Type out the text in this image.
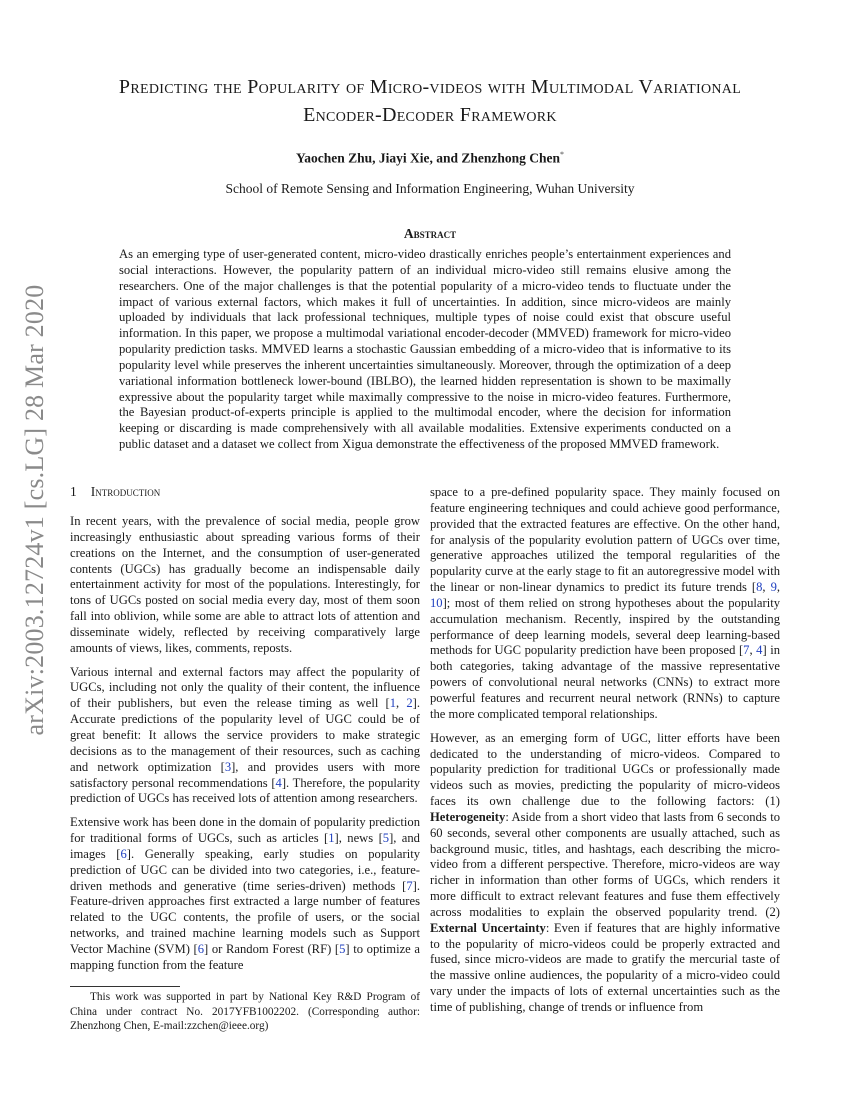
arXiv:2003.12724v1 [cs.LG] 28 Mar 2020
Predicting the Popularity of Micro-videos with Multimodal Variational
Encoder-Decoder Framework
Yaochen Zhu, Jiayi Xie, and Zhenzhong Chen*
School of Remote Sensing and Information Engineering, Wuhan University
Abstract
As an emerging type of user-generated content, micro-video drastically enriches people’s entertainment experiences and social interactions. However, the popularity pattern of an individual micro-video still remains elusive among the researchers. One of the major challenges is that the potential popularity of a micro-video tends to fluctuate under the impact of various external factors, which makes it full of uncertainties. In addition, since micro-videos are mainly uploaded by individuals that lack professional techniques, multiple types of noise could exist that obscure useful information. In this paper, we propose a multimodal variational encoder-decoder (MMVED) framework for micro-video popularity prediction tasks. MMVED learns a stochastic Gaussian embedding of a micro-video that is informative to its popularity level while preserves the inherent uncertainties simultaneously. Moreover, through the optimization of a deep variational information bottleneck lower-bound (IBLBO), the learned hidden representation is shown to be maximally expressive about the popularity target while maximally compressive to the noise in micro-video features. Furthermore, the Bayesian product-of-experts principle is applied to the multimodal encoder, where the decision for information keeping or discarding is made comprehensively with all available modalities. Extensive experiments conducted on a public dataset and a dataset we collect from Xigua demonstrate the effectiveness of the proposed MMVED framework.
1 Introduction

In recent years, with the prevalence of social media, people grow increasingly enthusiastic about spreading various forms of their creations on the Internet, and the consumption of user-generated contents (UGCs) has gradually become an indispensable daily entertainment activity for most of the populations. Interestingly, for tons of UGCs posted on social media every day, most of them soon fall into oblivion, while some are able to attract lots of attention and disseminate widely, reflected by receiving comparatively large amounts of views, likes, comments, reposts.

Various internal and external factors may affect the popularity of UGCs, including not only the quality of their content, the influence of their publishers, but even the release timing as well [1, 2]. Accurate predictions of the popularity level of UGC could be of great benefit: It allows the service providers to make strategic decisions as to the management of their resources, such as caching and network optimization [3], and provides users with more satisfactory personal recommendations [4]. Therefore, the popularity prediction of UGCs has received lots of attention among researchers.

Extensive work has been done in the domain of popularity prediction for traditional forms of UGCs, such as articles [1], news [5], and images [6]. Generally speaking, early studies on popularity prediction of UGC can be divided into two categories, i.e., feature-driven methods and generative (time series-driven) methods [7]. Feature-driven approaches first extracted a large number of features related to the UGC contents, the profile of users, or the social networks, and trained machine learning models such as Support Vector Machine (SVM) [6] or Random Forest (RF) [5] to optimize a mapping function from the feature

space to a pre-defined popularity space. They mainly focused on feature engineering techniques and could achieve good performance, provided that the extracted features are effective. On the other hand, for analysis of the popularity evolution pattern of UGCs over time, generative approaches utilized the temporal regularities of the popularity curve at the early stage to fit an autoregressive model with the linear or non-linear dynamics to predict its future trends [8, 9, 10]; most of them relied on strong hypotheses about the popularity accumulation mechanism. Recently, inspired by the outstanding performance of deep learning models, several deep learning-based methods for UGC popularity prediction have been proposed [7, 4] in both categories, taking advantage of the massive representative powers of convolutional neural networks (CNNs) to extract more powerful features and recurrent neural network (RNNs) to capture the more complicated temporal relationships.

However, as an emerging form of UGC, litter efforts have been dedicated to the understanding of micro-videos. Compared to popularity prediction for traditional UGCs or professionally made videos such as movies, predicting the popularity of micro-videos faces its own challenge due to the following factors: (1) Heterogeneity: Aside from a short video that lasts from 6 seconds to 60 seconds, several other components are usually attached, such as background music, titles, and hashtags, each describing the micro-video from a different perspective. Therefore, micro-videos are way richer in information than other forms of UGCs, which renders it more difficult to extract relevant features and fuse them effectively across modalities to explain the observed popularity trend. (2) External Uncertainty: Even if features that are highly informative to the popularity of micro-videos could be properly extracted and fused, since micro-videos are made to gratify the mercurial taste of the massive online audiences, the popularity of a micro-video could vary under the impacts of lots of external uncertainties such as the time of publishing, change of trends or influence from

This work was supported in part by National Key R&D Program of China under contract No. 2017YFB1002202. (Corresponding author: Zhenzhong Chen, E-mail:zzchen@ieee.org)
